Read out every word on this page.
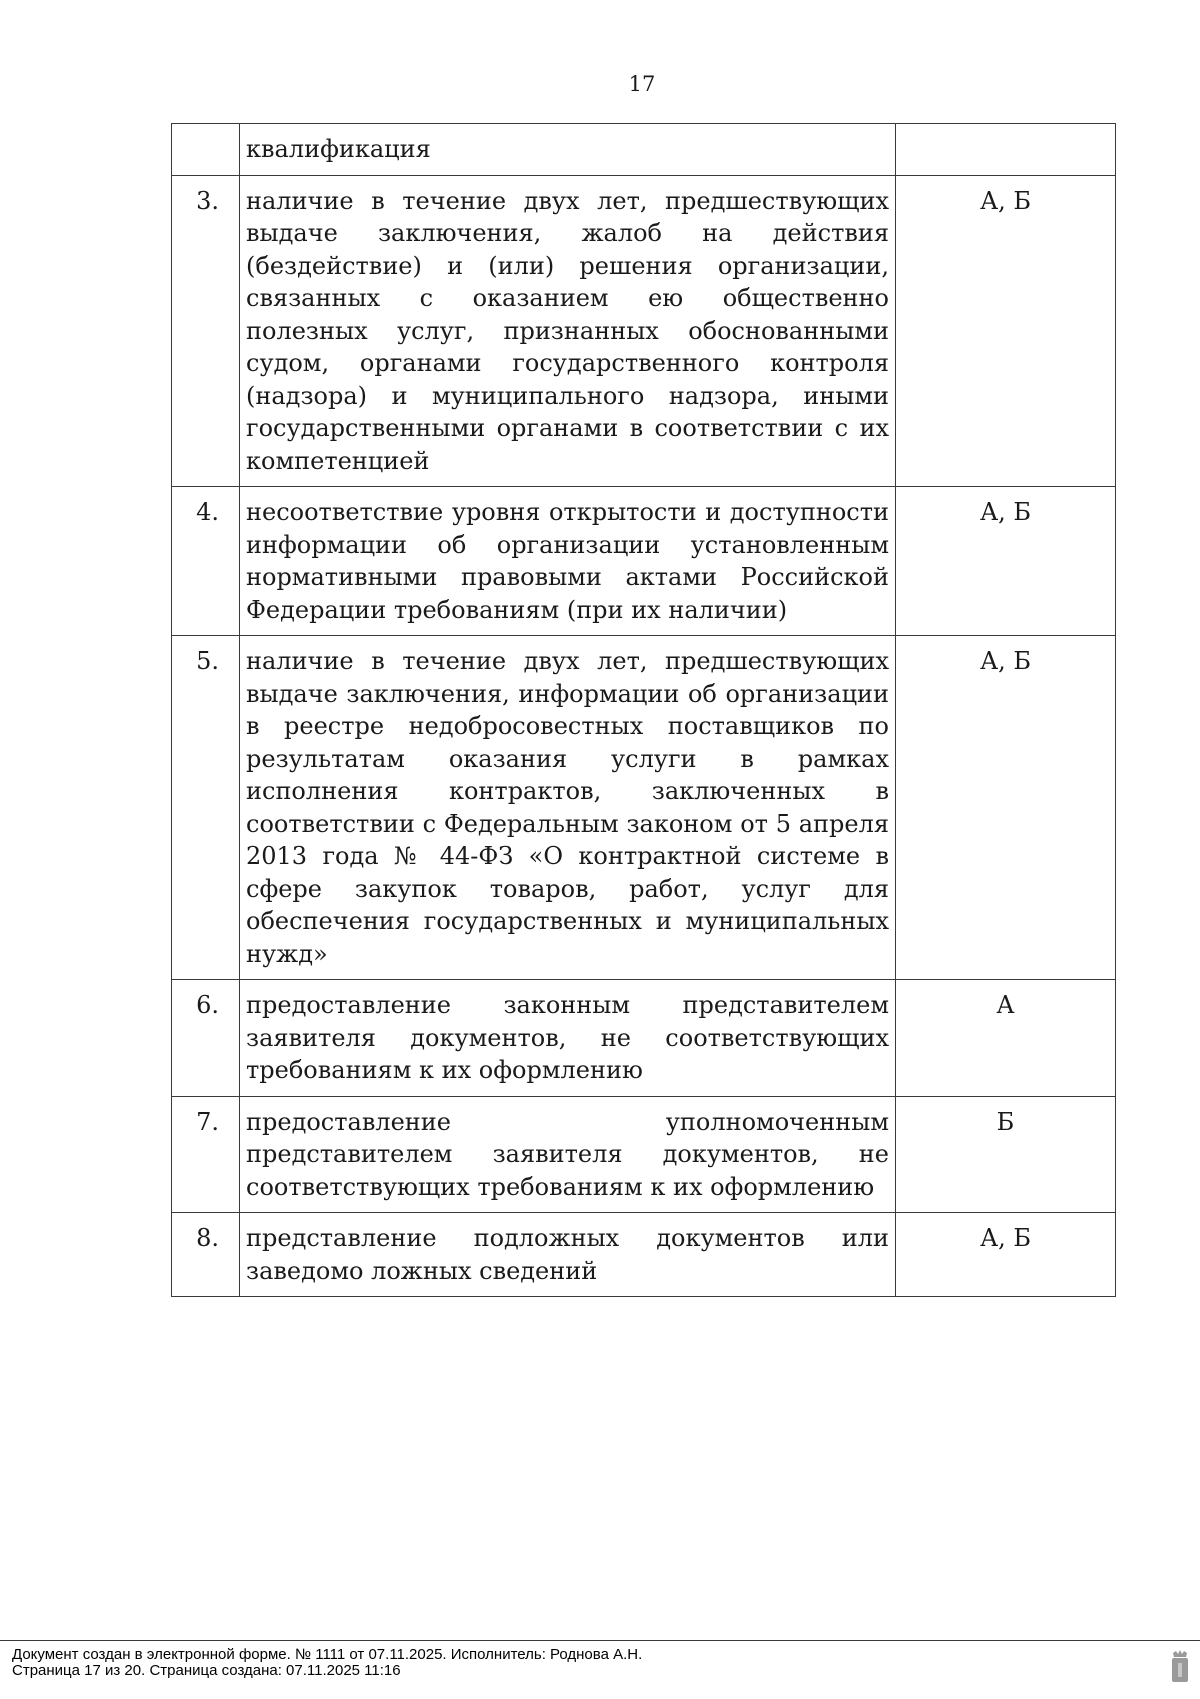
17
	квалификация	
3.	наличие в течение двух лет, предшествующих выдаче заключения, жалоб на действия (бездействие) и (или) решения организации, связанных с оказанием ею общественно полезных услуг, признанных обоснованными судом, органами государственного контроля (надзора) и муниципального надзора, иными государственными органами в соответствии с их компетенцией	А, Б
4.	несоответствие уровня открытости и доступности информации об организации установленным нормативными правовыми актами Российской Федерации требованиям (при их наличии)	А, Б
5.	наличие в течение двух лет, предшествующих выдаче заключения, информации об организации в реестре недобросовестных поставщиков по результатам оказания услуги в рамках исполнения контрактов, заключенных в соответствии с Федеральным законом от 5 апреля 2013 года № 44-ФЗ «О контрактной системе в сфере закупок товаров, работ, услуг для обеспечения государственных и муниципальных нужд»	А, Б
6.	предоставление законным представителем заявителя документов, не соответствующих требованиям к их оформлению	А
7.	предоставление уполномоченным представителем заявителя документов, не соответствующих требованиям к их оформлению	Б
8.	представление подложных документов или заведомо ложных сведений	А, Б
Документ создан в электронной форме. № 1111 от 07.11.2025. Исполнитель: Роднова А.Н.
Страница 17 из 20. Страница создана: 07.11.2025 11:16
